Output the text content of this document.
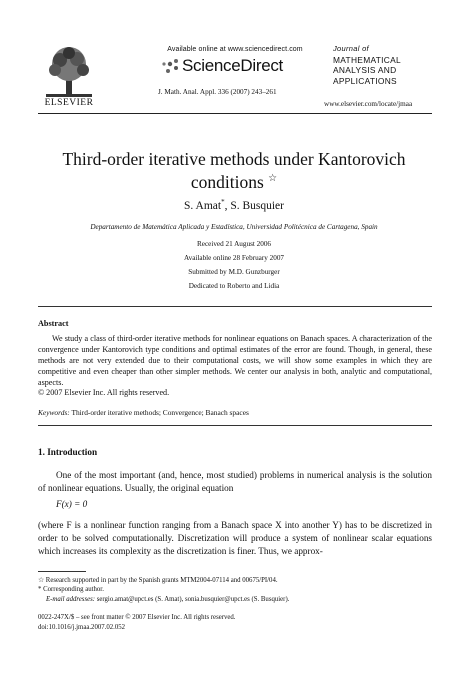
ELSEVIER
Available online at www.sciencedirect.com
ScienceDirect
J. Math. Anal. Appl. 336 (2007) 243–261
Journal of
MATHEMATICAL
ANALYSIS AND
APPLICATIONS
www.elsevier.com/locate/jmaa
Third-order iterative methods under Kantorovich
conditions ☆
S. Amat*, S. Busquier
Departamento de Matemática Aplicada y Estadística, Universidad Politécnica de Cartagena, Spain
Received 21 August 2006
Available online 28 February 2007
Submitted by M.D. Gunzburger
Dedicated to Roberto and Lidia
Abstract
We study a class of third-order iterative methods for nonlinear equations on Banach spaces. A characterization of the convergence under Kantorovich type conditions and optimal estimates of the error are found. Though, in general, these methods are not very extended due to their computational costs, we will show some examples in which they are competitive and even cheaper than other simpler methods. We center our analysis in both, analytic and computational, aspects.
© 2007 Elsevier Inc. All rights reserved.
Keywords: Third-order iterative methods; Convergence; Banach spaces
1. Introduction
One of the most important (and, hence, most studied) problems in numerical analysis is the solution of nonlinear equations. Usually, the original equation
F(x) = 0
(where F is a nonlinear function ranging from a Banach space X into another Y) has to be discretized in order to be solved computationally. Discretization will produce a system of nonlinear scalar equations which increases its complexity as the discretization is finer. Thus, we approx-
☆ Research supported in part by the Spanish grants MTM2004-07114 and 00675/PI/04.
* Corresponding author.
E-mail addresses: sergio.amat@upct.es (S. Amat), sonia.busquier@upct.es (S. Busquier).
0022-247X/$ – see front matter © 2007 Elsevier Inc. All rights reserved.
doi:10.1016/j.jmaa.2007.02.052
